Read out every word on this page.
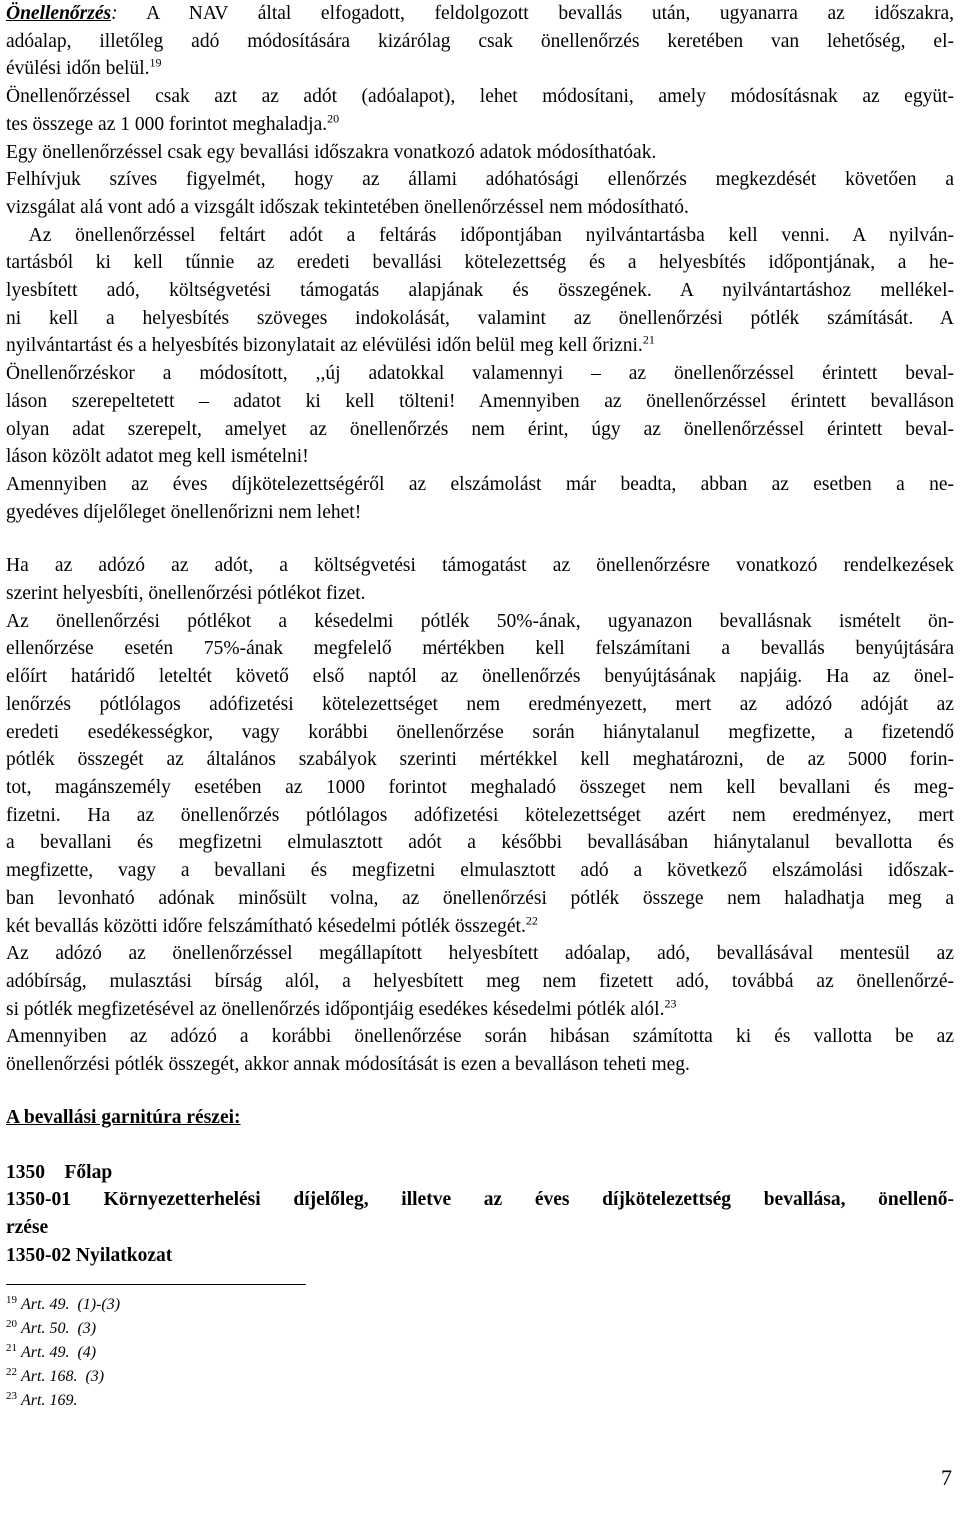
Önellenőrzés: A NAV által elfogadott, feldolgozott bevallás után, ugyanarra az időszakra,
adóalap, illetőleg adó módosítására kizárólag csak önellenőrzés keretében van lehetőség, el-
évülési időn belül.$^{19}$
Önellenőrzéssel csak azt az adót (adóalapot), lehet módosítani, amely módosításnak az együt-
tes összege az 1 000 forintot meghaladja.$^{20}$
Egy önellenőrzéssel csak egy bevallási időszakra vonatkozó adatok módosíthatóak.
Felhívjuk szíves figyelmét, hogy az állami adóhatósági ellenőrzés megkezdését követően a
vizsgálat alá vont adó a vizsgált időszak tekintetében önellenőrzéssel nem módosítható.
Az önellenőrzéssel feltárt adót a feltárás időpontjában nyilvántartásba kell venni. A nyilván-
tartásból ki kell tűnnie az eredeti bevallási kötelezettség és a helyesbítés időpontjának, a he-
lyesbített adó, költségvetési támogatás alapjának és összegének. A nyilvántartáshoz mellékel-
ni kell a helyesbítés szöveges indokolását, valamint az önellenőrzési pótlék számítását. A
nyilvántartást és a helyesbítés bizonylatait az elévülési időn belül meg kell őrizni.$^{21}$
Önellenőrzéskor a módosított, ,,új adatokkal valamennyi – az önellenőrzéssel érintett beval-
láson szerepeltetett – adatot ki kell tölteni! Amennyiben az önellenőrzéssel érintett bevalláson
olyan adat szerepelt, amelyet az önellenőrzés nem érint, úgy az önellenőrzéssel érintett beval-
láson közölt adatot meg kell ismételni!
Amennyiben az éves díjkötelezettségéről az elszámolást már beadta, abban az esetben a ne-
gyedéves díjelőleget önellenőrizni nem lehet!
Ha az adózó az adót, a költségvetési támogatást az önellenőrzésre vonatkozó rendelkezések
szerint helyesbíti, önellenőrzési pótlékot fizet.
Az önellenőrzési pótlékot a késedelmi pótlék 50%-ának, ugyanazon bevallásnak ismételt ön-
ellenőrzése esetén 75%-ának megfelelő mértékben kell felszámítani a bevallás benyújtására
előírt határidő leteltét követő első naptól az önellenőrzés benyújtásának napjáig. Ha az önel-
lenőrzés pótlólagos adófizetési kötelezettséget nem eredményezett, mert az adózó adóját az
eredeti esedékességkor, vagy korábbi önellenőrzése során hiánytalanul megfizette, a fizetendő
pótlék összegét az általános szabályok szerinti mértékkel kell meghatározni, de az 5000 forin-
tot, magánszemély esetében az 1000 forintot meghaladó összeget nem kell bevallani és meg-
fizetni. Ha az önellenőrzés pótlólagos adófizetési kötelezettséget azért nem eredményez, mert
a bevallani és megfizetni elmulasztott adót a későbbi bevallásában hiánytalanul bevallotta és
megfizette, vagy a bevallani és megfizetni elmulasztott adó a következő elszámolási időszak-
ban levonható adónak minősült volna, az önellenőrzési pótlék összege nem haladhatja meg a
két bevallás közötti időre felszámítható késedelmi pótlék összegét.$^{22}$
Az adózó az önellenőrzéssel megállapított helyesbített adóalap, adó, bevallásával mentesül az
adóbírság, mulasztási bírság alól, a helyesbített meg nem fizetett adó, továbbá az önellenőrzé-
si pótlék megfizetésével az önellenőrzés időpontjáig esedékes késedelmi pótlék alól.$^{23}$
Amennyiben az adózó a korábbi önellenőrzése során hibásan számította ki és vallotta be az
önellenőrzési pótlék összegét, akkor annak módosítását is ezen a bevalláson teheti meg.

A bevallási garnitúra részei:

1350 Főlap
1350-01 Környezetterhelési díjelőleg, illetve az éves díjkötelezettség bevallása, önellenő-
rzése
1350-02 Nyilatkozat

$^{19}$ Art. 49.  (1)-(3)

$^{20}$ Art. 50.  (3)

$^{21}$ Art. 49.  (4)

$^{22}$ Art. 168.  (3)

$^{23}$ Art. 169.

7
